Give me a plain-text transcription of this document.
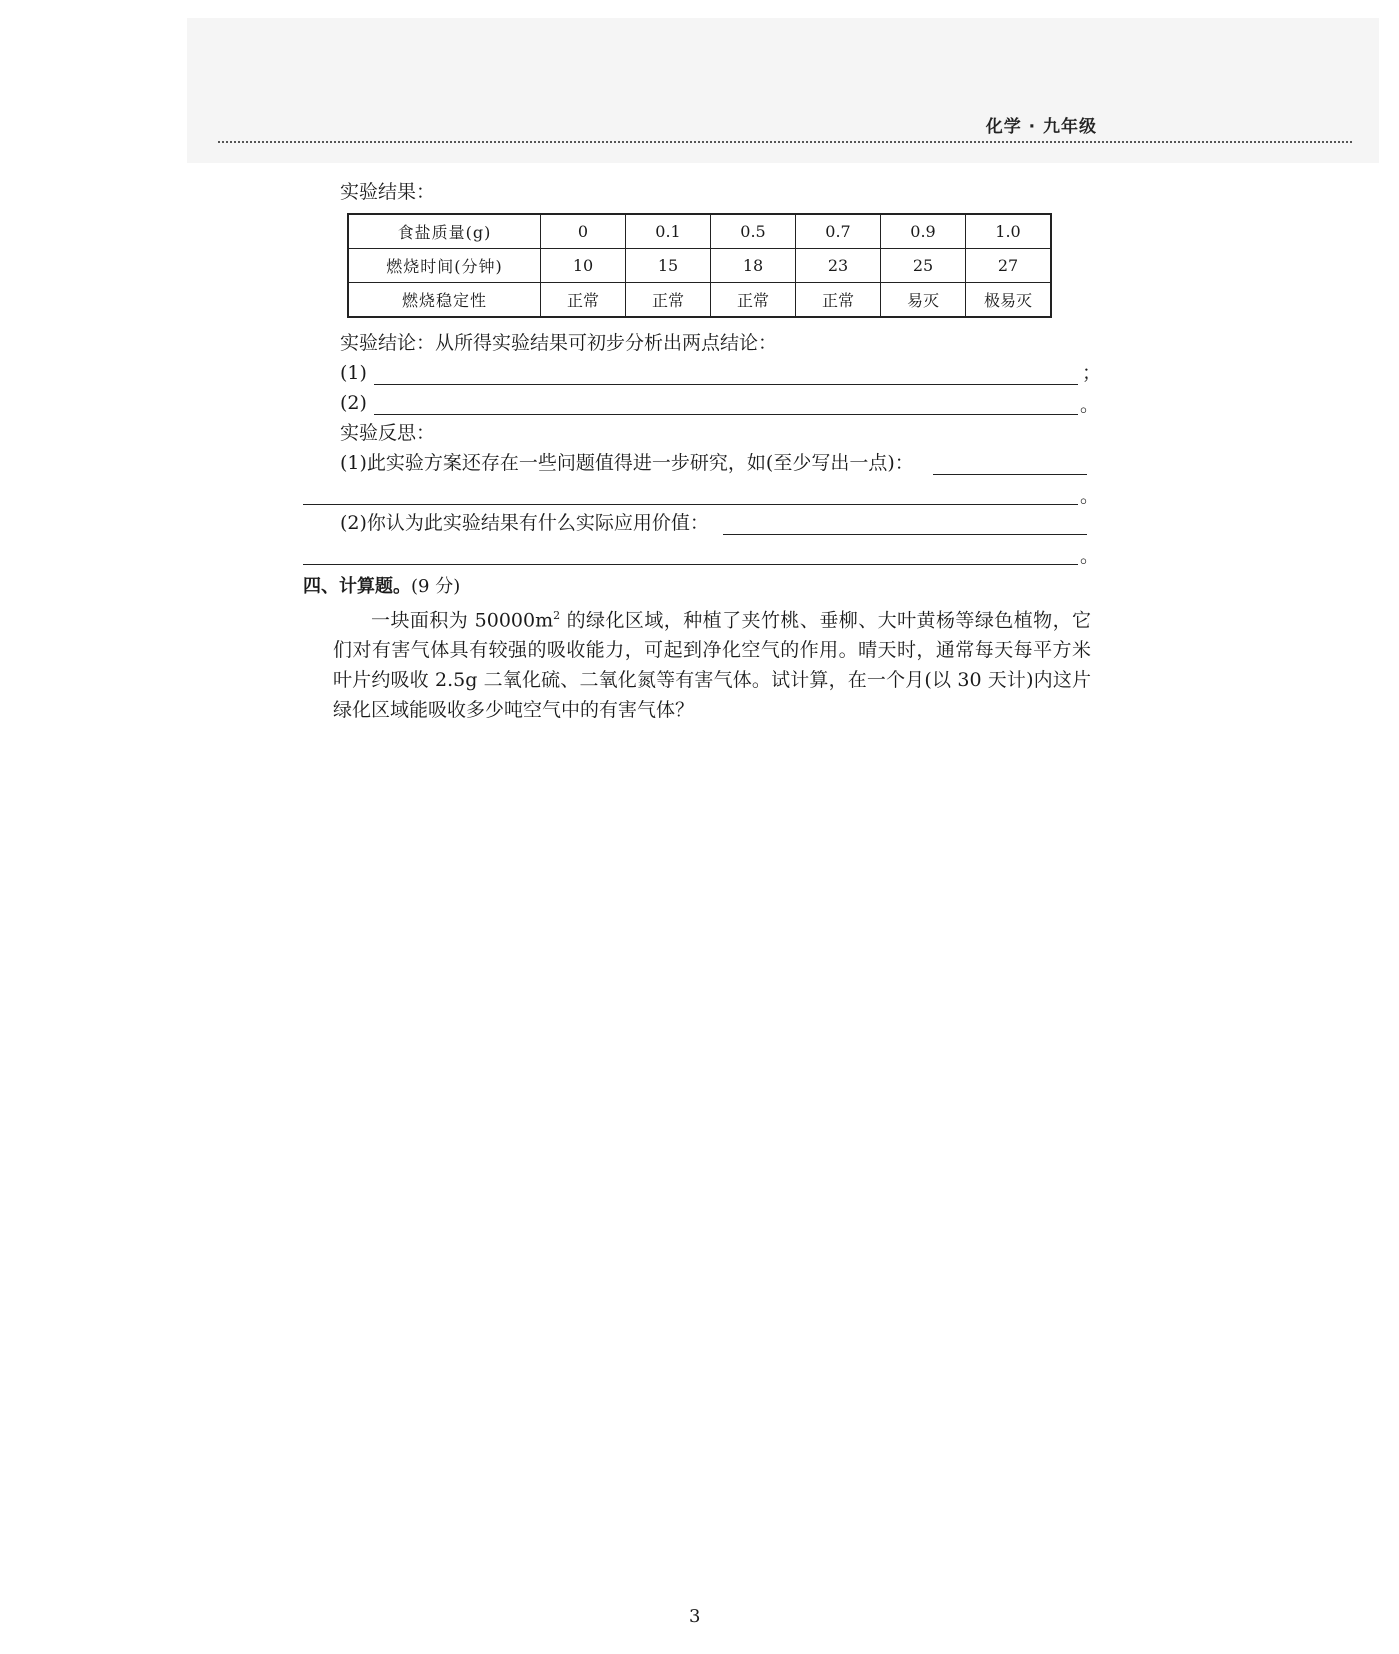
化学 · 九年级
实验结果：
食盐质量(g)	0	0.1	0.5	0.7	0.9	1.0
燃烧时间(分钟)	10	15	18	23	25	27
燃烧稳定性	正常	正常	正常	正常	易灭	极易灭
实验结论：从所得实验结果可初步分析出两点结论：
(1)	；
(2)	。
实验反思：
(1)此实验方案还存在一些问题值得进一步研究，如(至少写出一点)：
。
(2)你认为此实验结果有什么实际应用价值：
。
四、计算题。(9 分)

一块面积为 $50000m^2$ 的绿化区域，种植了夹竹桃、垂柳、大叶黄杨等绿色植物，它们对有害气体具有较强的吸收能力，可起到净化空气的作用。晴天时，通常每天每平方米叶片约吸收 2.5g 二氧化硫、二氧化氮等有害气体。试计算，在一个月(以 30 天计)内这片绿化区域能吸收多少吨空气中的有害气体？

3
